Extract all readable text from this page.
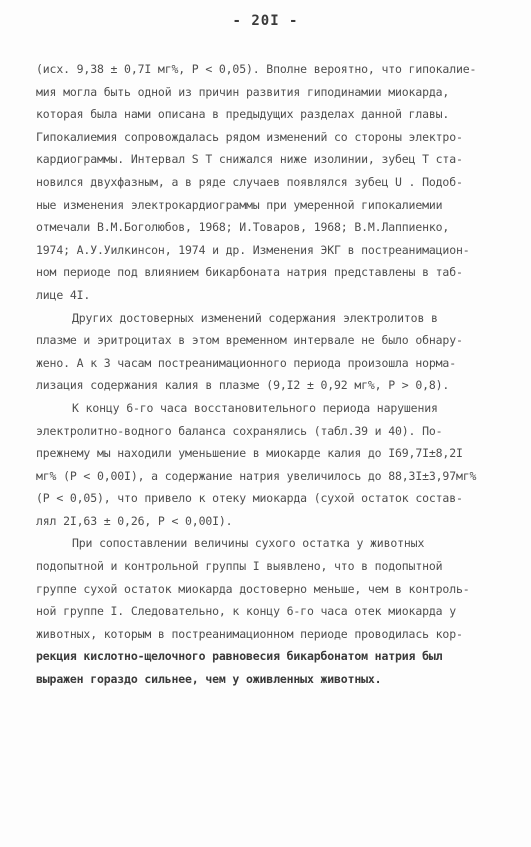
- 20I -
(исх. 9,38 ± 0,7I мг%, P < 0,05). Вполне вероятно, что гипокалие-
мия могла быть одной из причин развития гиподинамии миокарда,
которая была нами описана в предыдущих разделах данной главы.
Гипокалиемия сопровождалась рядом изменений со стороны электро-
кардиограммы. Интервал S T снижался ниже изолинии, зубец T ста-
новился двухфазным, а в ряде случаев появлялся зубец U . Подоб-
ные изменения электрокардиограммы при умеренной гипокалиемии
отмечали В.М.Боголюбов, 1968; И.Товаров, 1968; В.М.Лаппиенко,
1974; А.У.Уилкинсон, 1974 и др. Изменения ЭКГ в постреанимацион-
ном периоде под влиянием бикарбоната натрия представлены в таб-
лице 4I.
Других достоверных изменений содержания электролитов в
плазме и эритроцитах в этом временном интервале не было обнару-
жено. А к 3 часам постреанимационного периода произошла норма-
лизация содержания калия в плазме (9,I2 ± 0,92 мг%, P > 0,8).
К концу 6-го часа восстановительного периода нарушения
электролитно-водного баланса сохранялись (табл.39 и 40). По-
прежнему мы находили уменьшение в миокарде калия до I69,7I±8,2I
мг% (P < 0,00I), а содержание натрия увеличилось до 88,3I±3,97мг%
(P < 0,05), что привело к отеку миокарда (сухой остаток состав-
лял 2I,63 ± 0,26, P < 0,00I).
При сопоставлении величины сухого остатка у животных
подопытной и контрольной группы I выявлено, что в подопытной
группе сухой остаток миокарда достоверно меньше, чем в контроль-
ной группе I. Следовательно, к концу 6-го часа отек миокарда у
животных, которым в постреанимационном периоде проводилась кор-
рекция кислотно-щелочного равновесия бикарбонатом натрия был
выражен гораздо сильнее, чем у оживленных животных.
